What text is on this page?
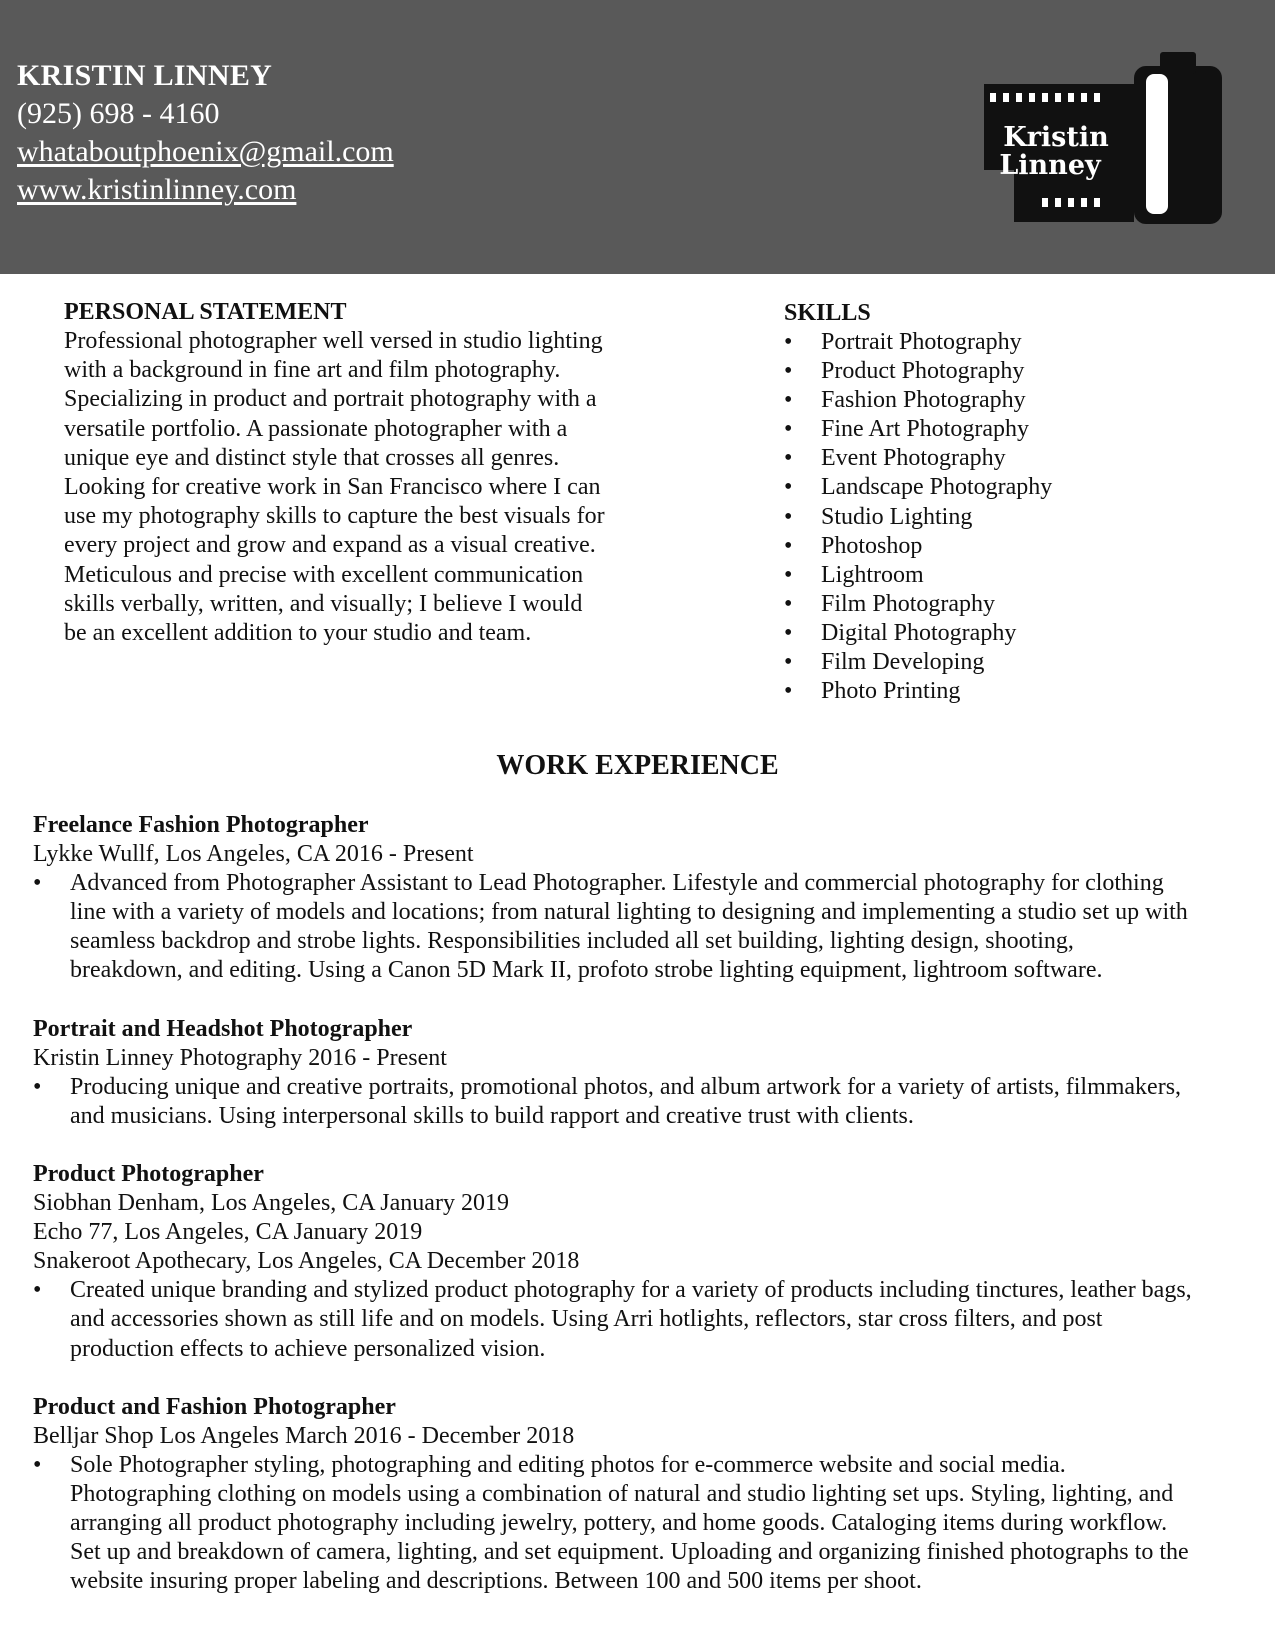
KRISTIN LINNEY
(925) 698 - 4160
whataboutphoenix@gmail.com
www.kristinlinney.com
Kristin
Linney
PERSONAL STATEMENT
Professional photographer well versed in studio lighting
with a background in fine art and film photography.
Specializing in product and portrait photography with a
versatile portfolio. A passionate photographer with a
unique eye and distinct style that crosses all genres.
Looking for creative work in San Francisco where I can
use my photography skills to capture the best visuals for
every project and grow and expand as a visual creative.
Meticulous and precise with excellent communication
skills verbally, written, and visually; I believe I would
be an excellent addition to your studio and team.
SKILLS
• Portrait Photography
• Product Photography
• Fashion Photography
• Fine Art Photography
• Event Photography
• Landscape Photography
• Studio Lighting
• Photoshop
• Lightroom
• Film Photography
• Digital Photography
• Film Developing
• Photo Printing
WORK EXPERIENCE
Freelance Fashion Photographer
Lykke Wullf, Los Angeles, CA 2016 - Present
• Advanced from Photographer Assistant to Lead Photographer. Lifestyle and commercial photography for clothing
line with a variety of models and locations; from natural lighting to designing and implementing a studio set up with
seamless backdrop and strobe lights. Responsibilities included all set building, lighting design, shooting,
breakdown, and editing. Using a Canon 5D Mark II, profoto strobe lighting equipment, lightroom software.
Portrait and Headshot Photographer
Kristin Linney Photography 2016 - Present
• Producing unique and creative portraits, promotional photos, and album artwork for a variety of artists, filmmakers,
and musicians. Using interpersonal skills to build rapport and creative trust with clients.
Product Photographer
Siobhan Denham, Los Angeles, CA January 2019
Echo 77, Los Angeles, CA January 2019
Snakeroot Apothecary, Los Angeles, CA December 2018
• Created unique branding and stylized product photography for a variety of products including tinctures, leather bags,
and accessories shown as still life and on models. Using Arri hotlights, reflectors, star cross filters, and post
production effects to achieve personalized vision.
Product and Fashion Photographer
Belljar Shop Los Angeles March 2016 - December 2018
• Sole Photographer styling, photographing and editing photos for e-commerce website and social media.
Photographing clothing on models using a combination of natural and studio lighting set ups. Styling, lighting, and
arranging all product photography including jewelry, pottery, and home goods. Cataloging items during workflow.
Set up and breakdown of camera, lighting, and set equipment. Uploading and organizing finished photographs to the
website insuring proper labeling and descriptions. Between 100 and 500 items per shoot.
